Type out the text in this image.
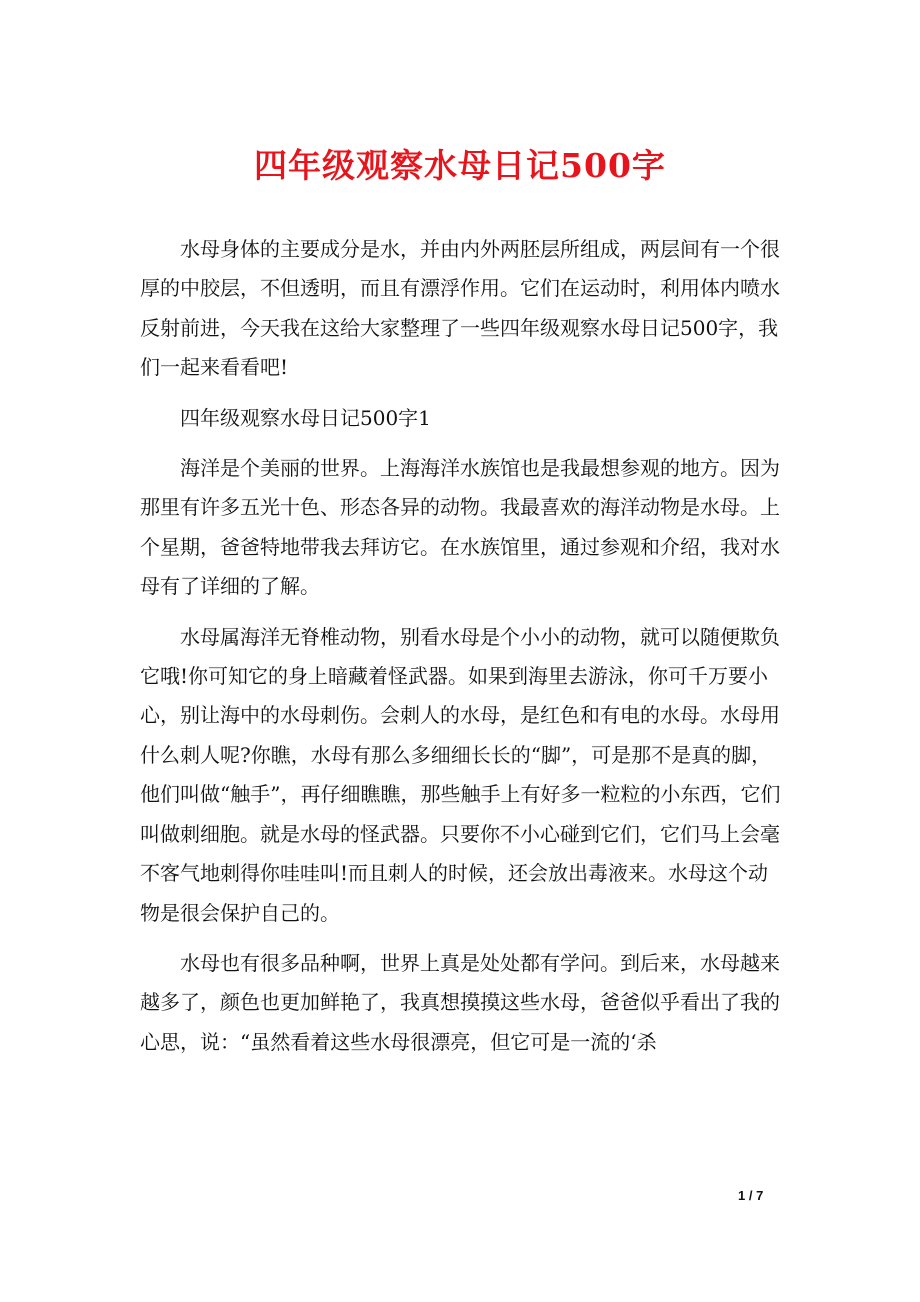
四年级观察水母日记500字

水母身体的主要成分是水，并由内外两胚层所组成，两层间有一个很厚的中胶层，不但透明，而且有漂浮作用。它们在运动时，利用体内喷水反射前进，今天我在这给大家整理了一些四年级观察水母日记500字，我们一起来看看吧!

四年级观察水母日记500字1

海洋是个美丽的世界。上海海洋水族馆也是我最想参观的地方。因为那里有许多五光十色、形态各异的动物。我最喜欢的海洋动物是水母。上个星期，爸爸特地带我去拜访它。在水族馆里，通过参观和介绍，我对水母有了详细的了解。

水母属海洋无脊椎动物，别看水母是个小小的动物，就可以随便欺负它哦!你可知它的身上暗藏着怪武器。如果到海里去游泳，你可千万要小心，别让海中的水母刺伤。会刺人的水母，是红色和有电的水母。水母用什么刺人呢?你瞧，水母有那么多细细长长的“脚”，可是那不是真的脚，他们叫做“触手”，再仔细瞧瞧，那些触手上有好多一粒粒的小东西，它们叫做刺细胞。就是水母的怪武器。只要你不小心碰到它们，它们马上会毫不客气地刺得你哇哇叫!而且刺人的时候，还会放出毒液来。水母这个动物是很会保护自己的。

水母也有很多品种啊，世界上真是处处都有学问。到后来，水母越来越多了，颜色也更加鲜艳了，我真想摸摸这些水母，爸爸似乎看出了我的心思，说：“虽然看着这些水母很漂亮，但它可是一流的‘杀

1 / 7
